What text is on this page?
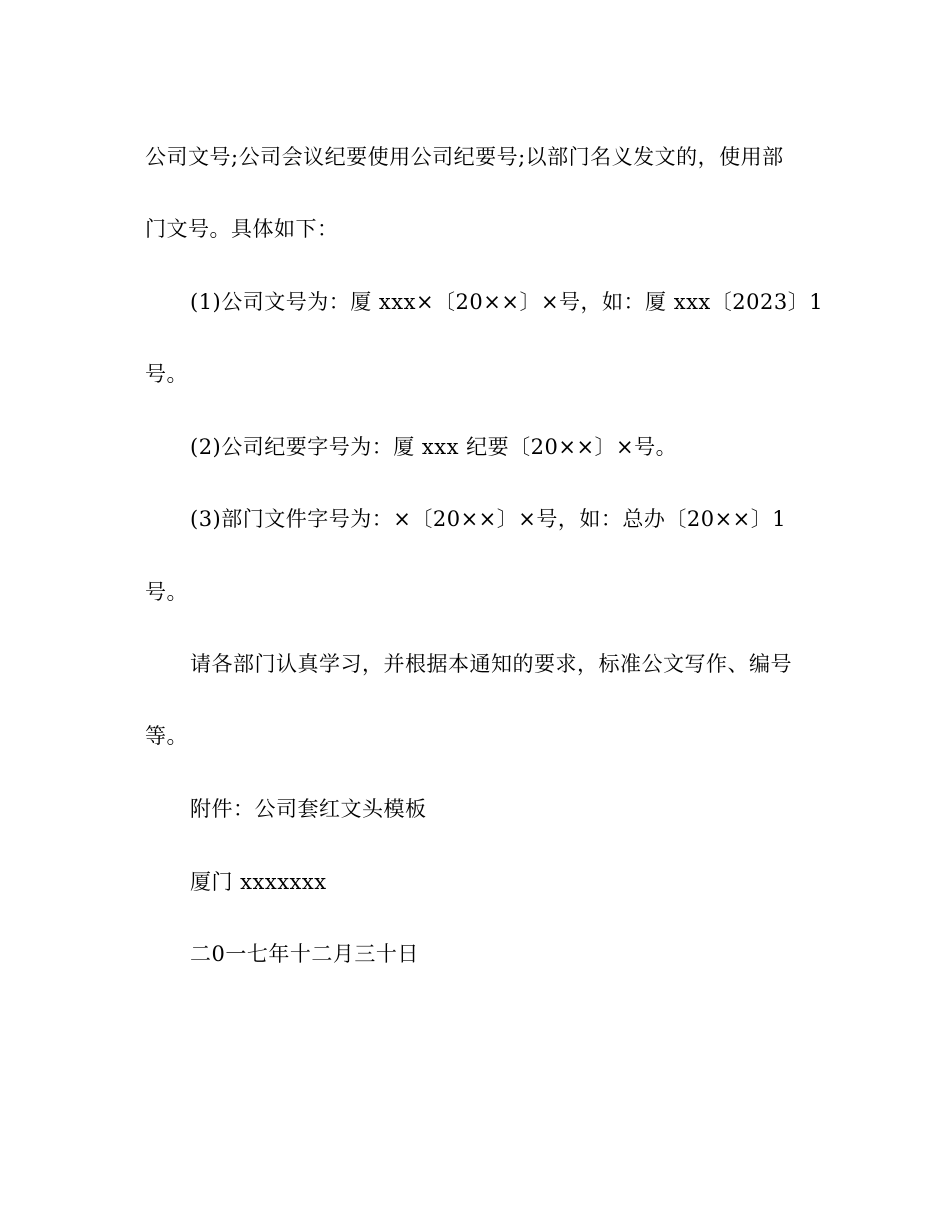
公司文号;公司会议纪要使用公司纪要号;以部门名义发文的，使用部
门文号。具体如下：
(1)公司文号为：厦 xxx×〔20××〕×号，如：厦 xxx〔2023〕1
号。
(2)公司纪要字号为：厦 xxx 纪要〔20××〕×号。
(3)部门文件字号为：×〔20××〕×号，如：总办〔20××〕1
号。
请各部门认真学习，并根据本通知的要求，标准公文写作、编号
等。
附件：公司套红文头模板
厦门 xxxxxxx
二0一七年十二月三十日
